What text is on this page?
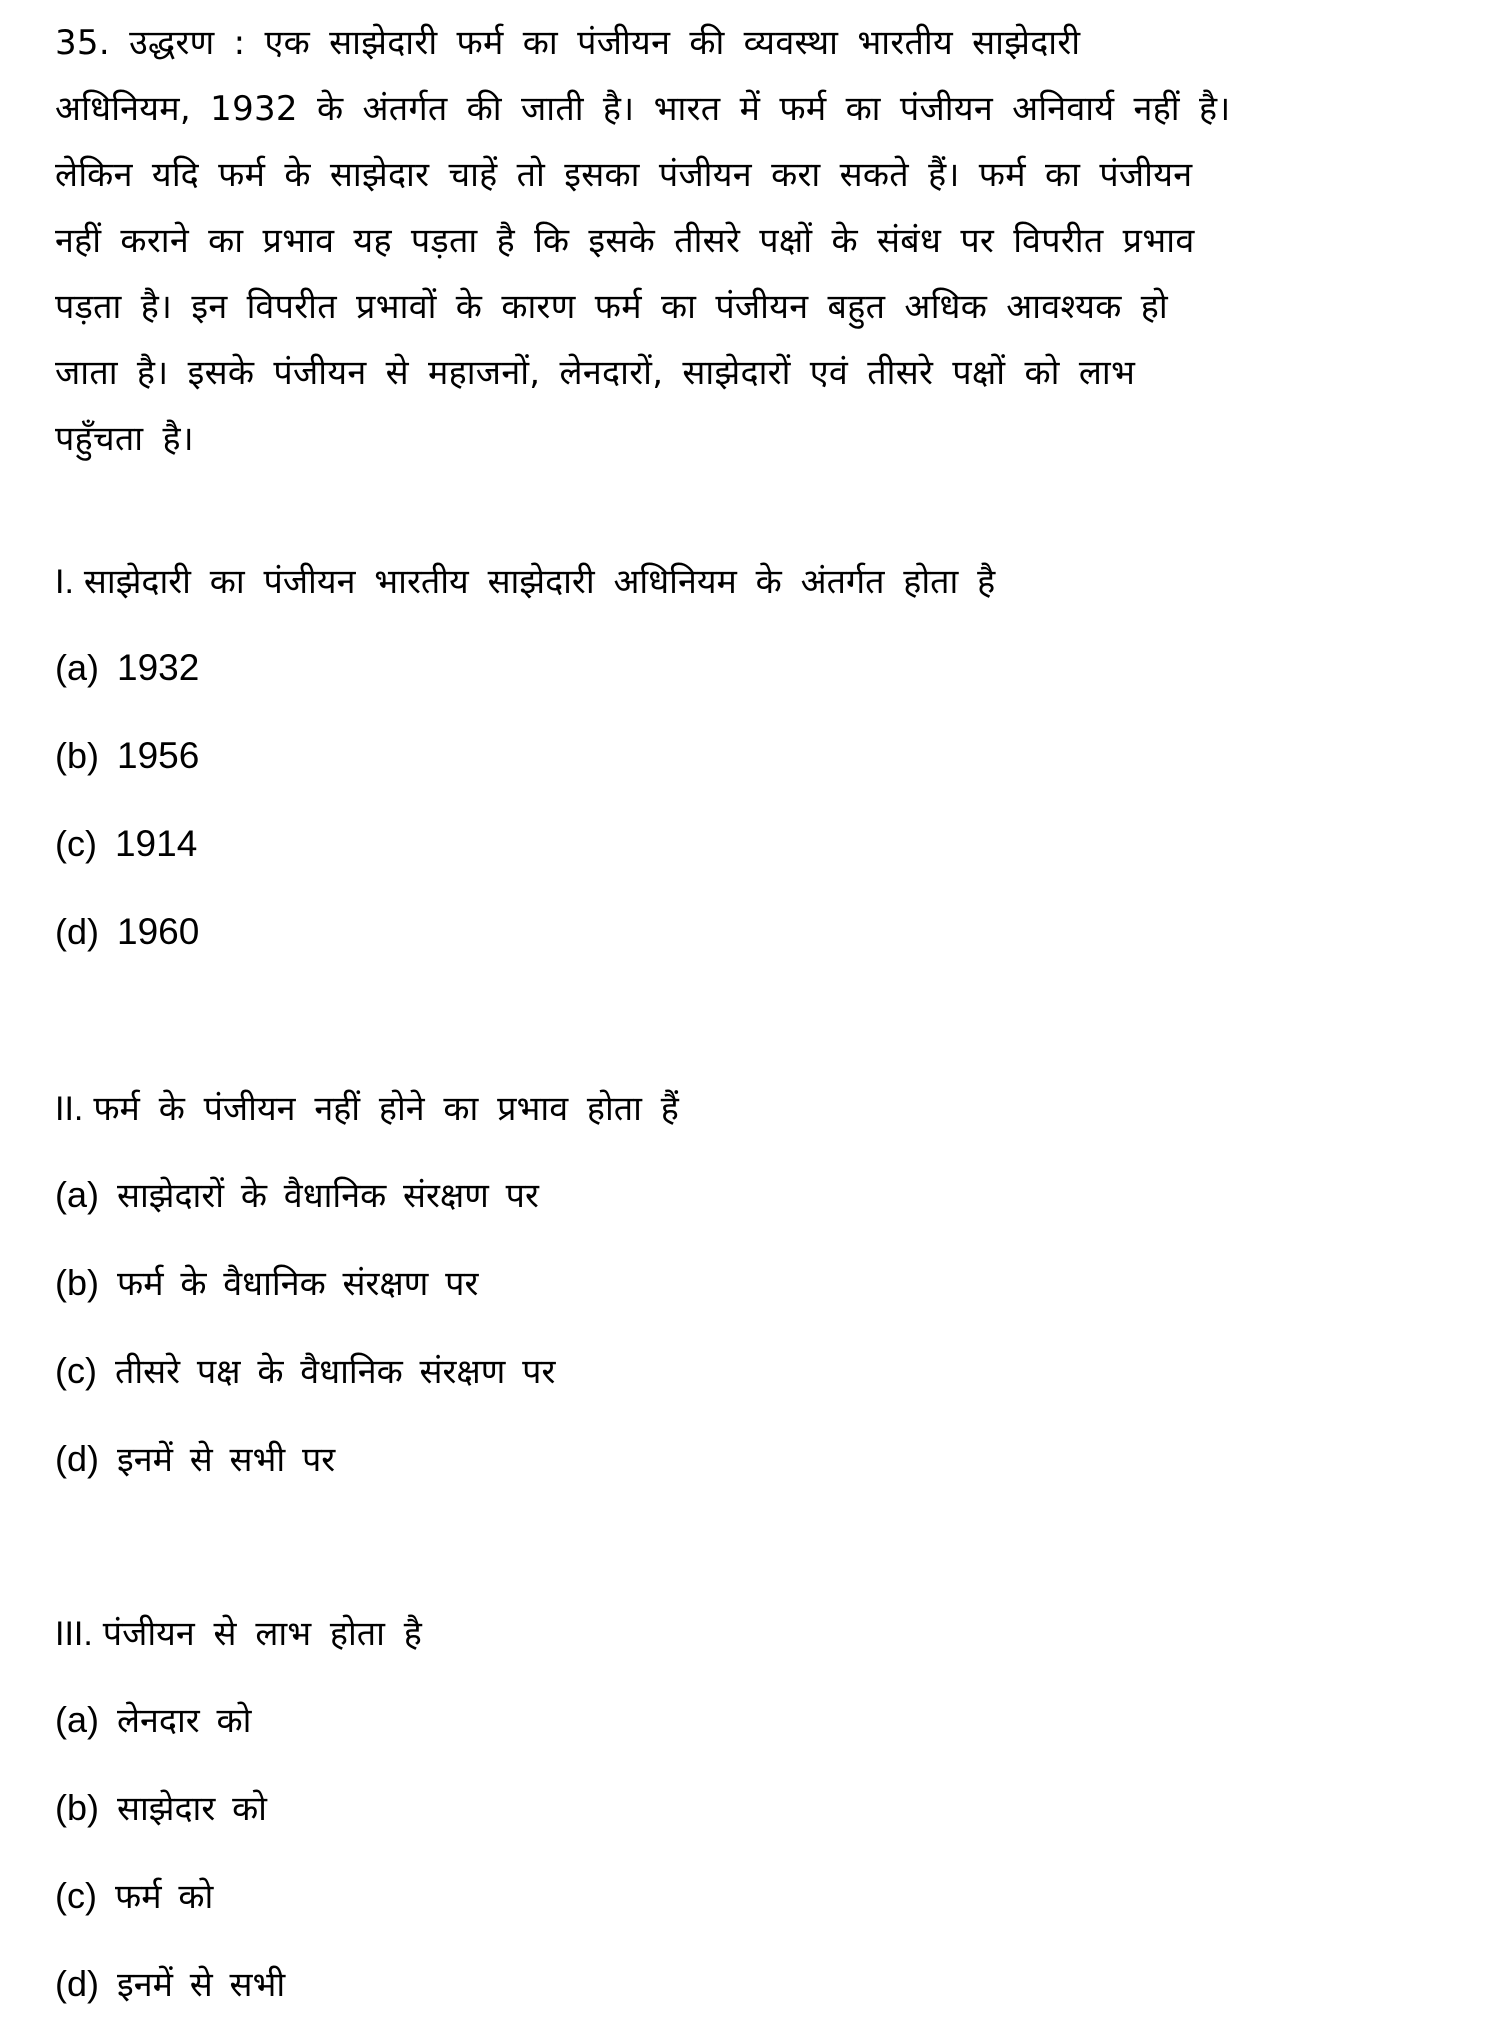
35. उद्धरण : एक साझेदारी फर्म का पंजीयन की व्यवस्था भारतीय साझेदारी
अधिनियम, 1932 के अंतर्गत की जाती है। भारत में फर्म का पंजीयन अनिवार्य नहीं है।
लेकिन यदि फर्म के साझेदार चाहें तो इसका पंजीयन करा सकते हैं। फर्म का पंजीयन
नहीं कराने का प्रभाव यह पड़ता है कि इसके तीसरे पक्षों के संबंध पर विपरीत प्रभाव
पड़ता है। इन विपरीत प्रभावों के कारण फर्म का पंजीयन बहुत अधिक आवश्यक हो
जाता है। इसके पंजीयन से महाजनों, लेनदारों, साझेदारों एवं तीसरे पक्षों को लाभ
पहुँचता है।
I. साझेदारी का पंजीयन भारतीय साझेदारी अधिनियम के अंतर्गत होता है
(a) 1932
(b) 1956
(c) 1914
(d) 1960
II. फर्म के पंजीयन नहीं होने का प्रभाव होता हैं
(a) साझेदारों के वैधानिक संरक्षण पर
(b) फर्म के वैधानिक संरक्षण पर
(c) तीसरे पक्ष के वैधानिक संरक्षण पर
(d) इनमें से सभी पर
III. पंजीयन से लाभ होता है
(a) लेनदार को
(b) साझेदार को
(c) फर्म को
(d) इनमें से सभी
